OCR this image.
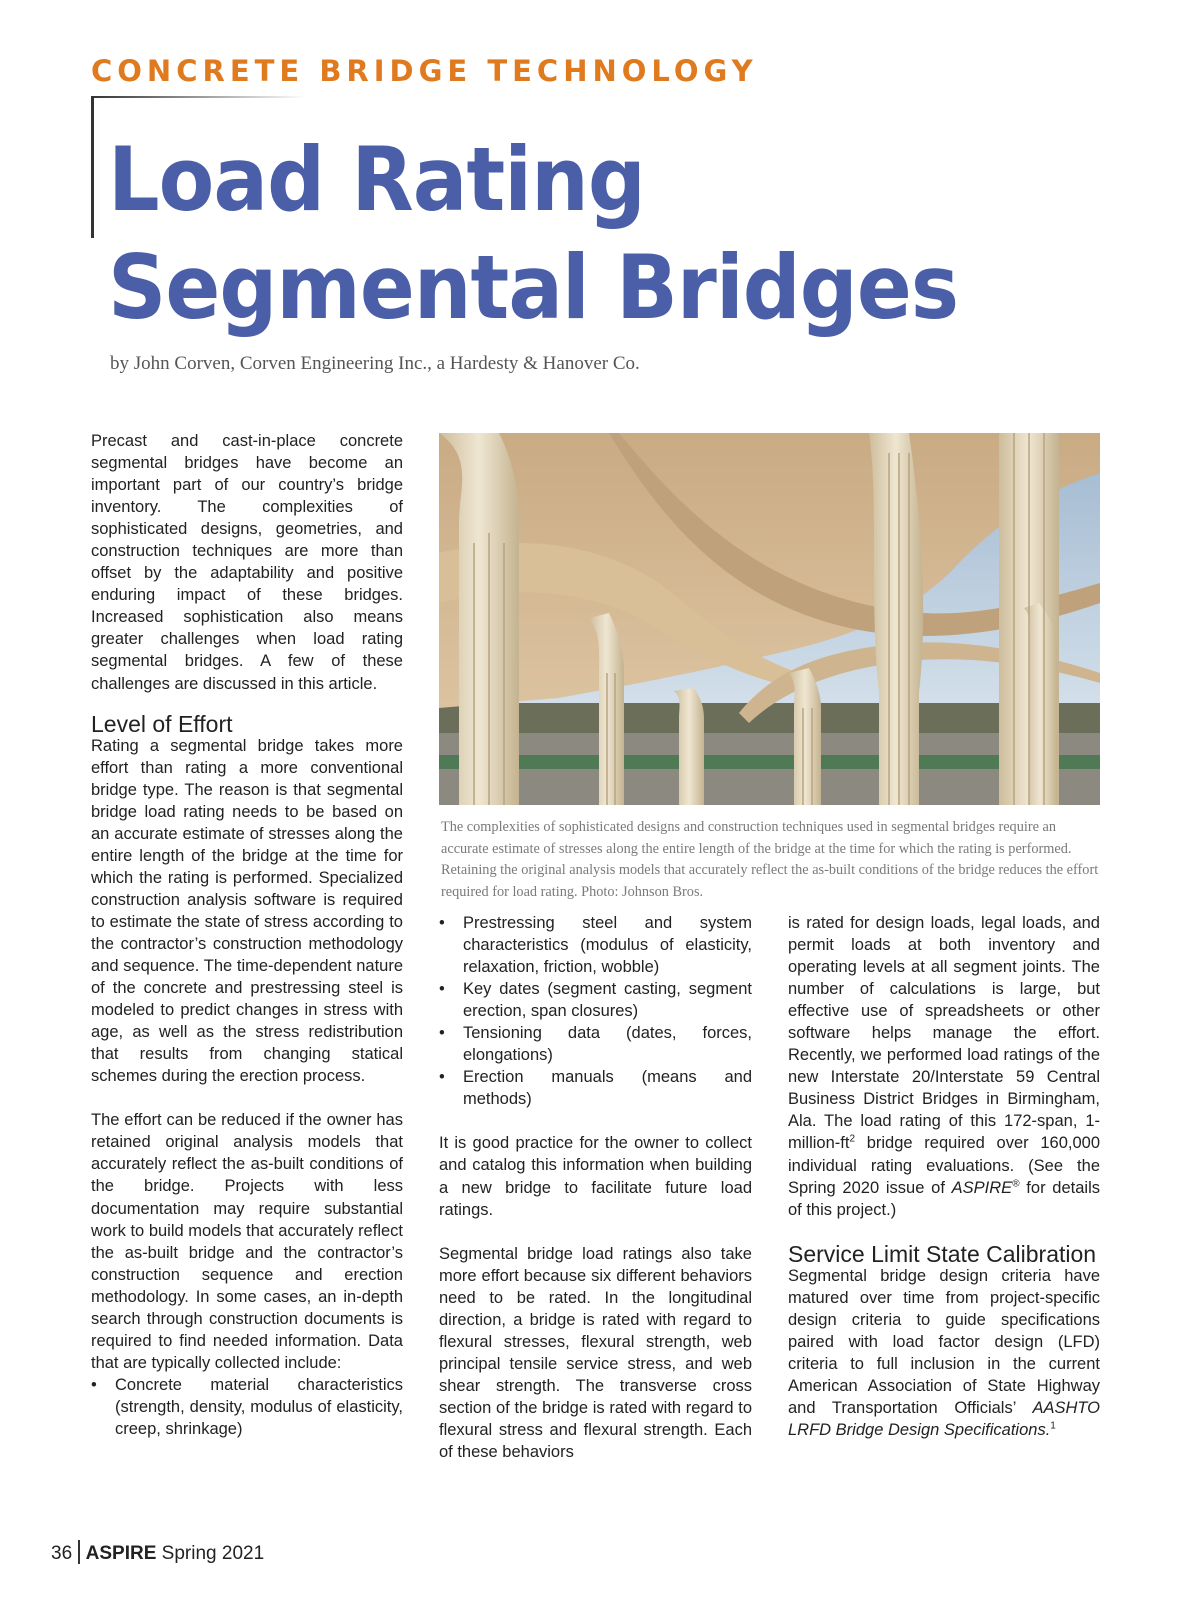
CONCRETE BRIDGE TECHNOLOGY
Load Rating
Segmental Bridges
by John Corven, Corven Engineering Inc., a Hardesty & Hanover Co.

Precast and cast-in-place concrete segmental bridges have become an important part of our country’s bridge inventory. The complexities of sophisticated designs, geometries, and construction techniques are more than offset by the adaptability and positive enduring impact of these bridges. Increased sophistication also means greater challenges when load rating segmental bridges. A few of these challenges are discussed in this article.

Level of Effort

Rating a segmental bridge takes more effort than rating a more conventional bridge type. The reason is that segmental bridge load rating needs to be based on an accurate estimate of stresses along the entire length of the bridge at the time for which the rating is performed. Specialized construction analysis software is required to estimate the state of stress according to the contractor’s construction methodology and sequence. The time-dependent nature of the concrete and prestressing steel is modeled to predict changes in stress with age, as well as the stress redistribution that results from changing statical schemes during the erection process.

The effort can be reduced if the owner has retained original analysis models that accurately reflect the as-built conditions of the bridge. Projects with less documentation may require substantial work to build models that accurately reflect the as-built bridge and the contractor’s construction sequence and erection methodology. In some cases, an in-depth search through construction documents is required to find needed information. Data that are typically collected include:

• Concrete material characteristics (strength, density, modulus of elasticity, creep, shrinkage)
The complexities of sophisticated designs and construction techniques used in segmental bridges require an accurate estimate of stresses along the entire length of the bridge at the time for which the rating is performed. Retaining the original analysis models that accurately reflect the as-built conditions of the bridge reduces the effort required for load rating. Photo: Johnson Bros.
• Prestressing steel and system characteristics (modulus of elasticity, relaxation, friction, wobble)
• Key dates (segment casting, segment erection, span closures)
• Tensioning data (dates, forces, elongations)
• Erection manuals (means and methods)

It is good practice for the owner to collect and catalog this information when building a new bridge to facilitate future load ratings.

Segmental bridge load ratings also take more effort because six different behaviors need to be rated. In the longitudinal direction, a bridge is rated with regard to flexural stresses, flexural strength, web principal tensile service stress, and web shear strength. The transverse cross section of the bridge is rated with regard to flexural stress and flexural strength. Each of these behaviors

is rated for design loads, legal loads, and permit loads at both inventory and operating levels at all segment joints. The number of calculations is large, but effective use of spreadsheets or other software helps manage the effort. Recently, we performed load ratings of the new Interstate 20/Interstate 59 Central Business District Bridges in Birmingham, Ala. The load rating of this 172-span, $1-million-ft^2$ bridge required over 160,000 individual rating evaluations. (See the Spring 2020 issue of ASPIRE® for details of this project.)

Service Limit State Calibration

Segmental bridge design criteria have matured over time from project-specific design criteria to guide specifications paired with load factor design (LFD) criteria to full inclusion in the current American Association of State Highway and Transportation Officials’ AASHTO LRFD Bridge Design Specifications.$^1$

36 ASPIRE Spring 2021
